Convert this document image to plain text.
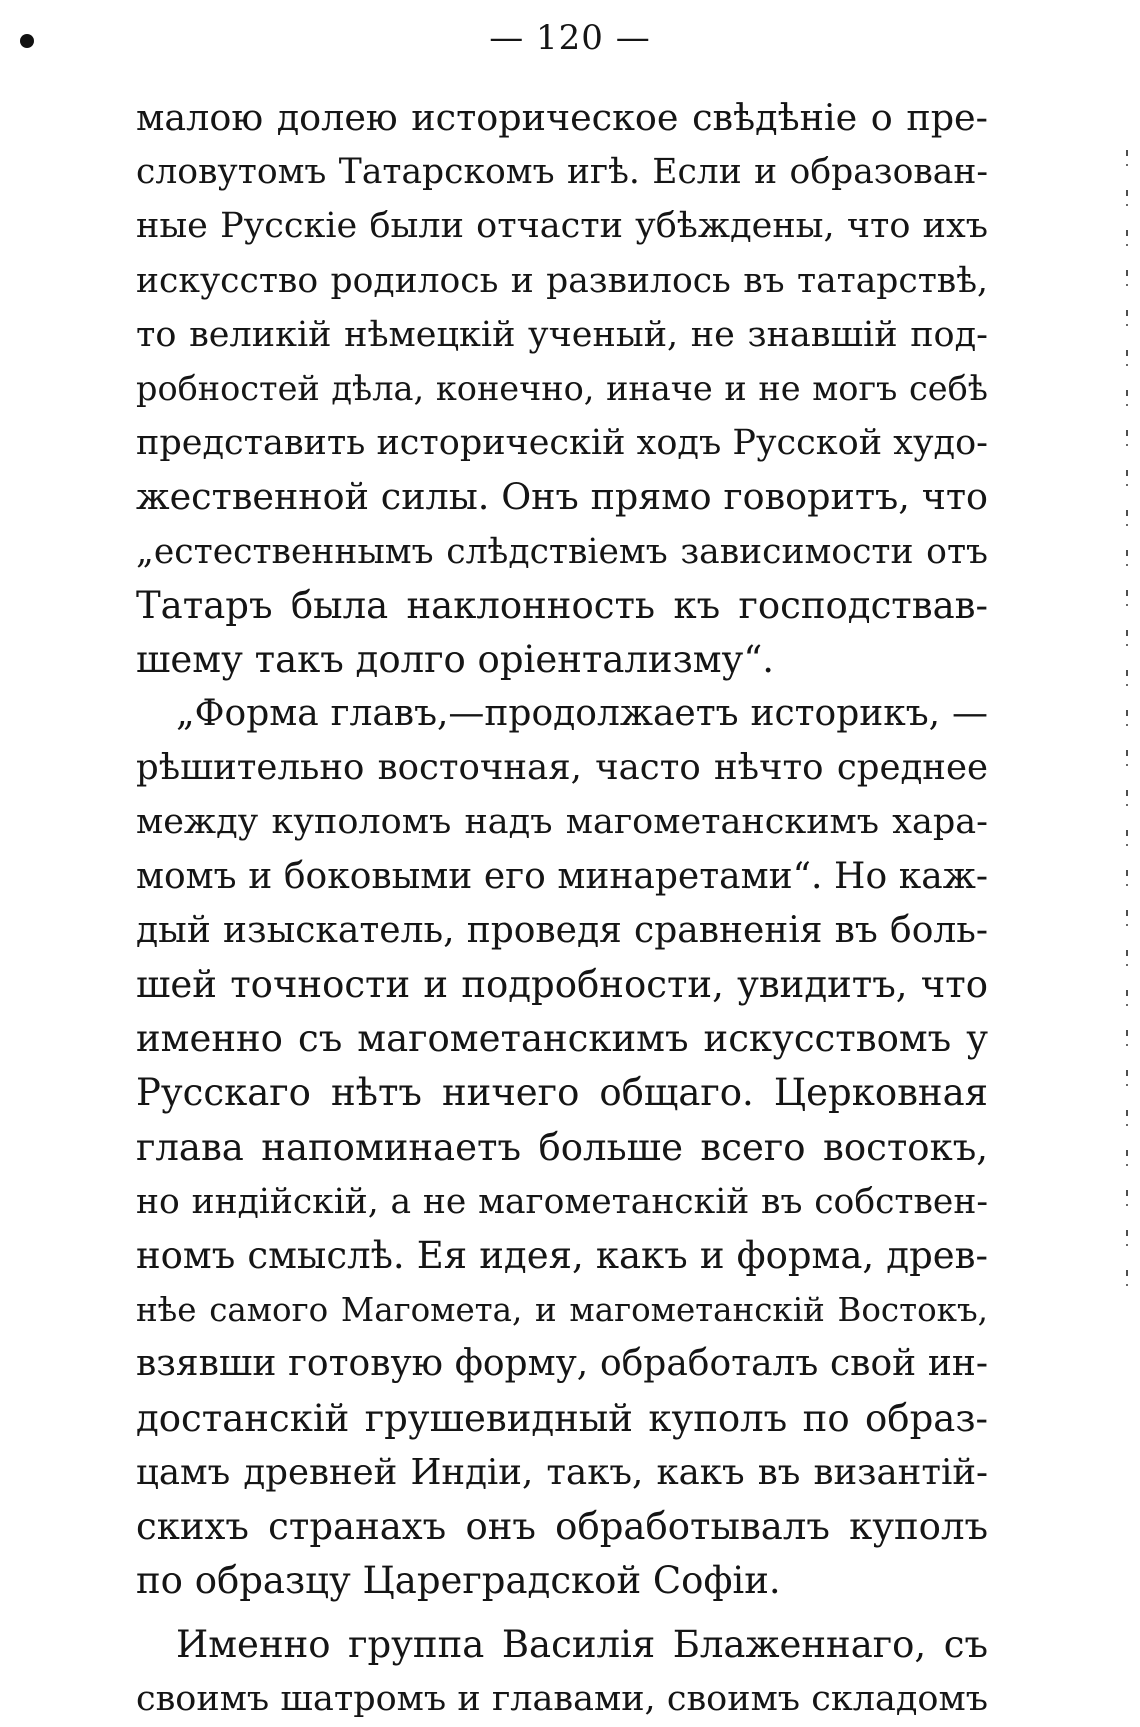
— 120 —
малою долею историческое свѣдѣніе о пре-
словутомъ Татарскомъ игѣ. Если и образован-
ные Русскіе были отчасти убѣждены, что ихъ
искусство родилось и развилось въ татарствѣ,
то великій нѣмецкій ученый, не знавшій под-
робностей дѣла, конечно, иначе и не могъ себѣ
представить историческій ходъ Русской худо-
жественной силы. Онъ прямо говоритъ, что
„естественнымъ слѣдствіемъ зависимости отъ
Татаръ была наклонность къ господствав-
шему такъ долго оріентализму“.
„Форма главъ,—продолжаетъ историкъ, —
рѣшительно восточная, часто нѣчто среднее
между куполомъ надъ магометанскимъ хара-
момъ и боковыми его минаретами“. Но каж-
дый изыскатель, проведя сравненія въ боль-
шей точности и подробности, увидитъ, что
именно съ магометанскимъ искусствомъ у
Русскаго нѣтъ ничего общаго. Церковная
глава напоминаетъ больше всего востокъ,
но индійскій, а не магометанскій въ собствен-
номъ смыслѣ. Ея идея, какъ и форма, древ-
нѣе самого Магомета, и магометанскій Востокъ,
взявши готовую форму, обработалъ свой ин-
достанскій грушевидный куполъ по образ-
цамъ древней Индіи, такъ, какъ въ византій-
скихъ странахъ онъ обработывалъ куполъ
по образцу Цареградской Софіи.
Именно группа Василія Блаженнаго, съ
своимъ шатромъ и главами, своимъ складомъ
